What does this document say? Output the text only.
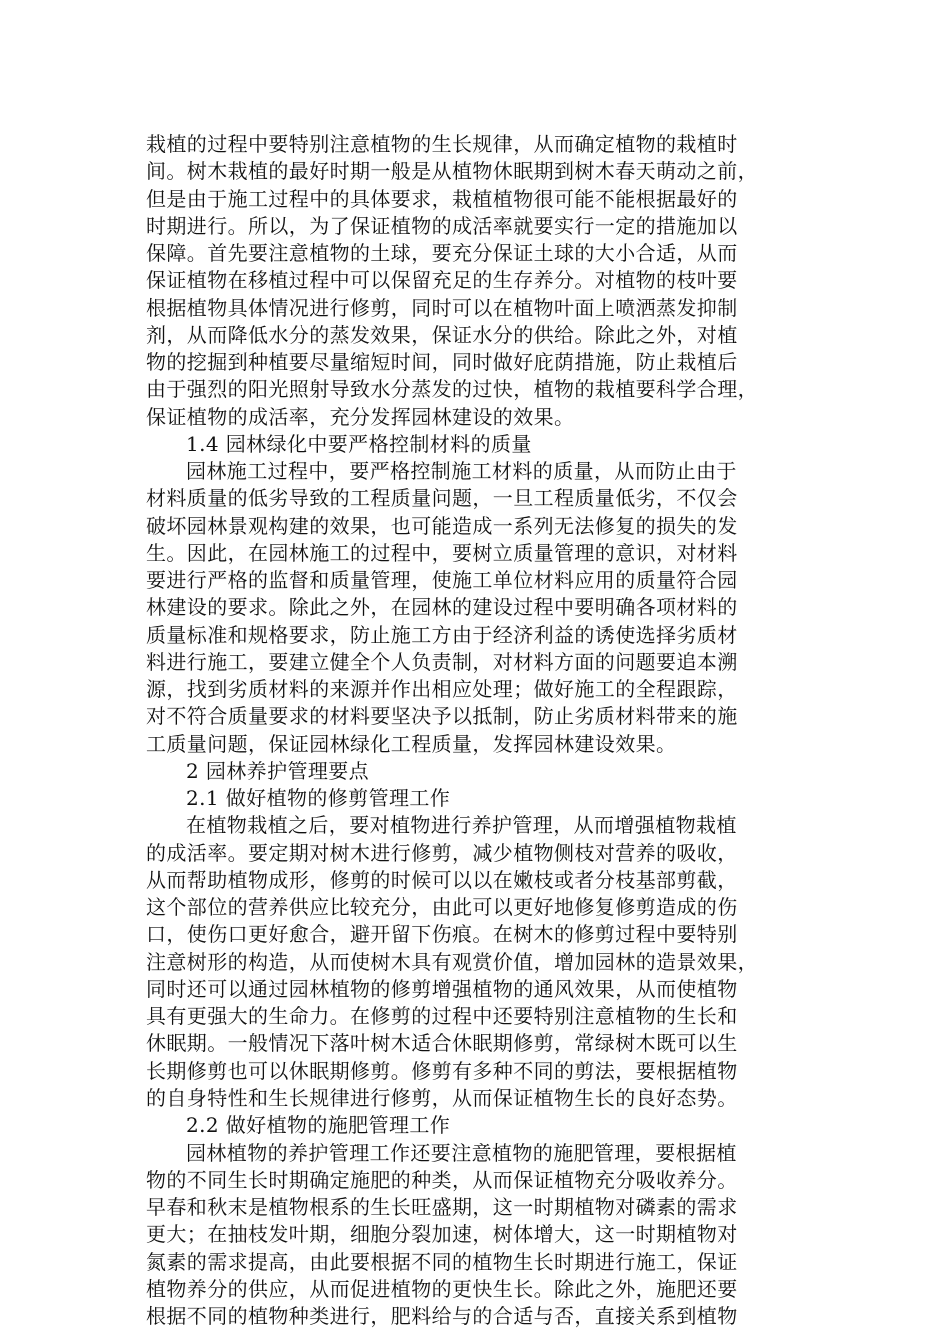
栽植的过程中要特别注意植物的生长规律，从而确定植物的栽植时
间。树木栽植的最好时期一般是从植物休眠期到树木春天萌动之前，
但是由于施工过程中的具体要求，栽植植物很可能不能根据最好的
时期进行。所以，为了保证植物的成活率就要实行一定的措施加以
保障。首先要注意植物的土球，要充分保证土球的大小合适，从而
保证植物在移植过程中可以保留充足的生存养分。对植物的枝叶要
根据植物具体情况进行修剪，同时可以在植物叶面上喷洒蒸发抑制
剂，从而降低水分的蒸发效果，保证水分的供给。除此之外，对植
物的挖掘到种植要尽量缩短时间，同时做好庇荫措施，防止栽植后
由于强烈的阳光照射导致水分蒸发的过快，植物的栽植要科学合理，
保证植物的成活率，充分发挥园林建设的效果。
1.4 园林绿化中要严格控制材料的质量
园林施工过程中，要严格控制施工材料的质量，从而防止由于
材料质量的低劣导致的工程质量问题，一旦工程质量低劣，不仅会
破坏园林景观构建的效果，也可能造成一系列无法修复的损失的发
生。因此，在园林施工的过程中，要树立质量管理的意识，对材料
要进行严格的监督和质量管理，使施工单位材料应用的质量符合园
林建设的要求。除此之外，在园林的建设过程中要明确各项材料的
质量标准和规格要求，防止施工方由于经济利益的诱使选择劣质材
料进行施工，要建立健全个人负责制，对材料方面的问题要追本溯
源，找到劣质材料的来源并作出相应处理；做好施工的全程跟踪，
对不符合质量要求的材料要坚决予以抵制，防止劣质材料带来的施
工质量问题，保证园林绿化工程质量，发挥园林建设效果。
2 园林养护管理要点
2.1 做好植物的修剪管理工作
在植物栽植之后，要对植物进行养护管理，从而增强植物栽植
的成活率。要定期对树木进行修剪，减少植物侧枝对营养的吸收，
从而帮助植物成形，修剪的时候可以以在嫩枝或者分枝基部剪截，
这个部位的营养供应比较充分，由此可以更好地修复修剪造成的伤
口，使伤口更好愈合，避开留下伤痕。在树木的修剪过程中要特别
注意树形的构造，从而使树木具有观赏价值，增加园林的造景效果，
同时还可以通过园林植物的修剪增强植物的通风效果，从而使植物
具有更强大的生命力。在修剪的过程中还要特别注意植物的生长和
休眠期。一般情况下落叶树木适合休眠期修剪，常绿树木既可以生
长期修剪也可以休眠期修剪。修剪有多种不同的剪法，要根据植物
的自身特性和生长规律进行修剪，从而保证植物生长的良好态势。
2.2 做好植物的施肥管理工作
园林植物的养护管理工作还要注意植物的施肥管理，要根据植
物的不同生长时期确定施肥的种类，从而保证植物充分吸收养分。
早春和秋末是植物根系的生长旺盛期，这一时期植物对磷素的需求
更大；在抽枝发叶期，细胞分裂加速，树体增大，这一时期植物对
氮素的需求提高，由此要根据不同的植物生长时期进行施工，保证
植物养分的供应，从而促进植物的更快生长。除此之外，施肥还要
根据不同的植物种类进行，肥料给与的合适与否，直接关系到植物
